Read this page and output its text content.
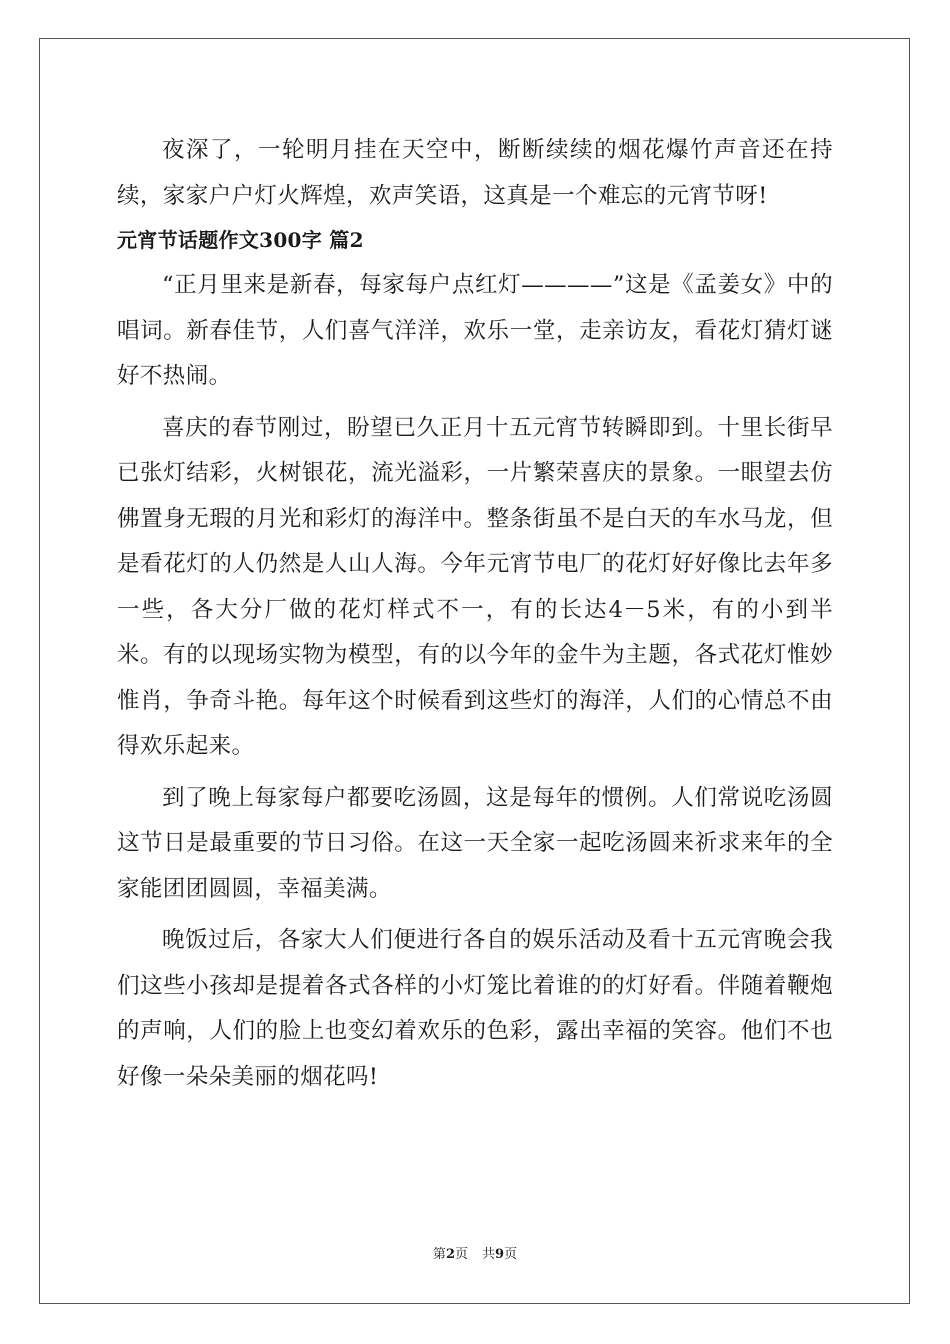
夜深了，一轮明月挂在天空中，断断续续的烟花爆竹声音还在持续，家家户户灯火辉煌，欢声笑语，这真是一个难忘的元宵节呀!

元宵节话题作文300字 篇2

“正月里来是新春，每家每户点红灯————”这是《孟姜女》中的唱词。新春佳节，人们喜气洋洋，欢乐一堂，走亲访友，看花灯猜灯谜好不热闹。

喜庆的春节刚过，盼望已久正月十五元宵节转瞬即到。十里长街早已张灯结彩，火树银花，流光溢彩，一片繁荣喜庆的景象。一眼望去仿佛置身无瑕的月光和彩灯的海洋中。整条街虽不是白天的车水马龙，但是看花灯的人仍然是人山人海。今年元宵节电厂的花灯好好像比去年多一些，各大分厂做的花灯样式不一，有的长达4－5米，有的小到半米。有的以现场实物为模型，有的以今年的金牛为主题，各式花灯惟妙惟肖，争奇斗艳。每年这个时候看到这些灯的海洋，人们的心情总不由得欢乐起来。

到了晚上每家每户都要吃汤圆，这是每年的惯例。人们常说吃汤圆这节日是最重要的节日习俗。在这一天全家一起吃汤圆来祈求来年的全家能团团圆圆，幸福美满。

晚饭过后，各家大人们便进行各自的娱乐活动及看十五元宵晚会我们这些小孩却是提着各式各样的小灯笼比着谁的的灯好看。伴随着鞭炮的声响，人们的脸上也变幻着欢乐的色彩，露出幸福的笑容。他们不也好像一朵朵美丽的烟花吗!

第2页 共9页
